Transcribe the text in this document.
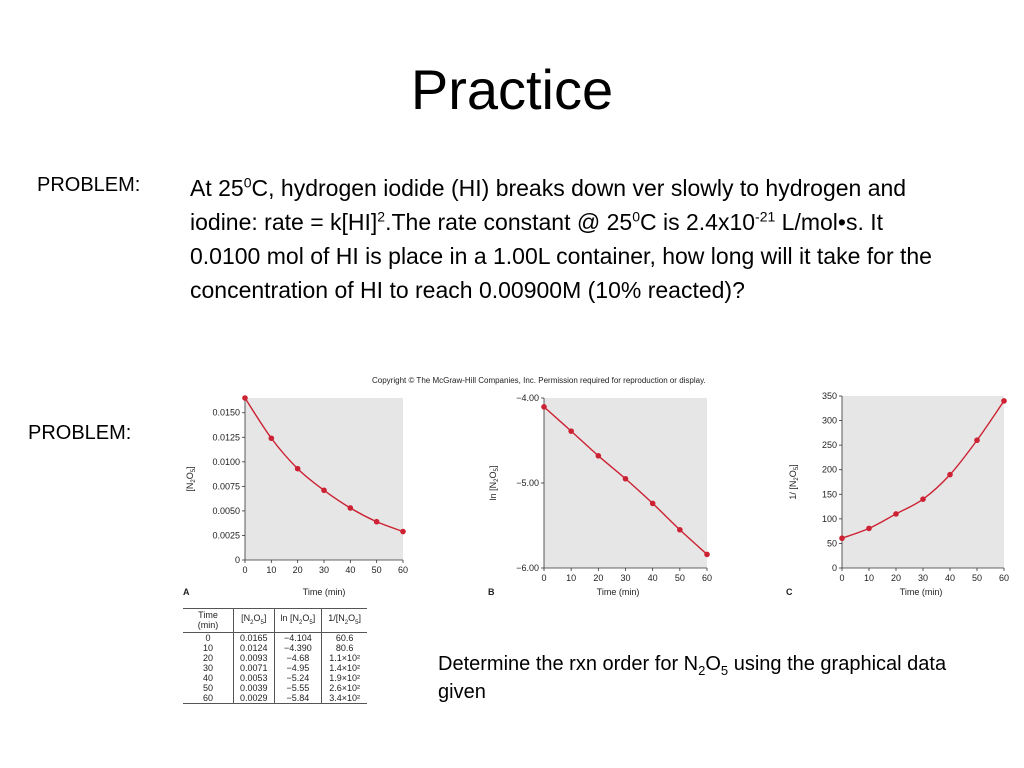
Practice
PROBLEM: At $25^0C$, hydrogen iodide (HI) breaks down ver slowly to hydrogen and iodine: rate = k[HI]$^2$.The rate constant @ $25^0C$ is $2.4x10^{-21}$ L/mol•s. It 0.0100 mol of HI is place in a 1.00L container, how long will it take for the concentration of HI to reach 0.00900M (10% reacted)?
Copyright © The McGraw-Hill Companies, Inc. Permission required for reproduction or display.
PROBLEM:
$[N_2O_5]$
Time (min)
A
0
0.0025
0.0050
0.0075
0.0100
0.0125
0.0150
0 10 20 30 40 50 60
$\ln [N_2O_5]$
Time (min)
B
−6.00
−5.00
−4.00
0 10 20 30 40 50 60
1/ $[N_2O_5]$
Time (min)
C
0
50
100
150
200
250
300
350
0 10 20 30 40 50 60
Time (min)	$[N_2O_5]$	$\ln [N_2O_5]$	$1/[N_2O_5]$
0	0.0165	−4.104	60.6
10	0.0124	−4.390	80.6
20	0.0093	−4.68	1.1×10²
30	0.0071	−4.95	1.4×10²
40	0.0053	−5.24	1.9×10²
50	0.0039	−5.55	2.6×10²
60	0.0029	−5.84	3.4×10²
Determine the rxn order for $N_2O_5$ using the graphical data given
